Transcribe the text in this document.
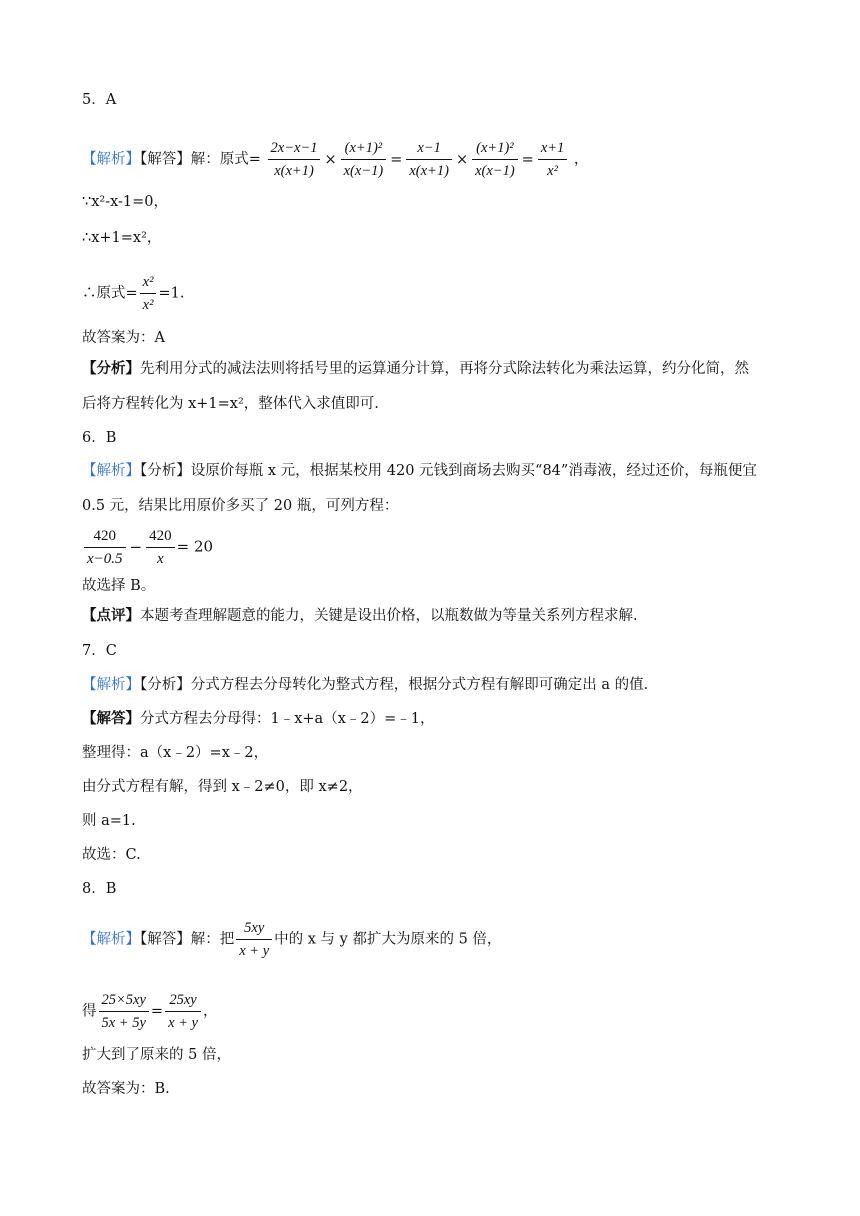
5．A
【解析】【解答】解：原式= $\frac{2x-x-1}{x(x+1)} \times \frac{\text{(x+1)²}}{x(x-1)} = \frac{x-1}{x(x+1)} \times \frac{\text{(x+1)²}}{x(x-1)} = \frac{x+1}{\text{x²}}$ ，
∵x²-x-1=0，
∴x+1=x²，
∴原式= $\frac{\text{x²}}{\text{x²}} =1$.
故答案为：A
【分析】先利用分式的减法法则将括号里的运算通分计算，再将分式除法转化为乘法运算，约分化简，然
后将方程转化为 x+1=x²，整体代入求值即可.
6．B
【解析】【分析】设原价每瓶 x 元，根据某校用 420 元钱到商场去购买“84”消毒液，经过还价，每瓶便宜
0.5 元，结果比用原价多买了 20 瓶，可列方程：
$\frac{420}{x-0.5} - \frac{420}{x} = 20$
故选择 B。
【点评】本题考查理解题意的能力，关键是设出价格，以瓶数做为等量关系列方程求解.
7．C
【解析】【分析】分式方程去分母转化为整式方程，根据分式方程有解即可确定出 a 的值.
【解答】分式方程去分母得：1﹣x+a（x﹣2）=﹣1，
整理得：a（x﹣2）=x﹣2，
由分式方程有解，得到 x﹣2≠0，即 x≠2，
则 a=1.
故选：C.
8．B
【解析】【解答】解：把 $\frac{5xy}{x + y}$ 中的 x 与 y 都扩大为原来的 5 倍，
得 $\frac{25\times 5xy}{5x + 5y} = \frac{25xy}{x + y}$ ，
扩大到了原来的 5 倍，
故答案为：B.
